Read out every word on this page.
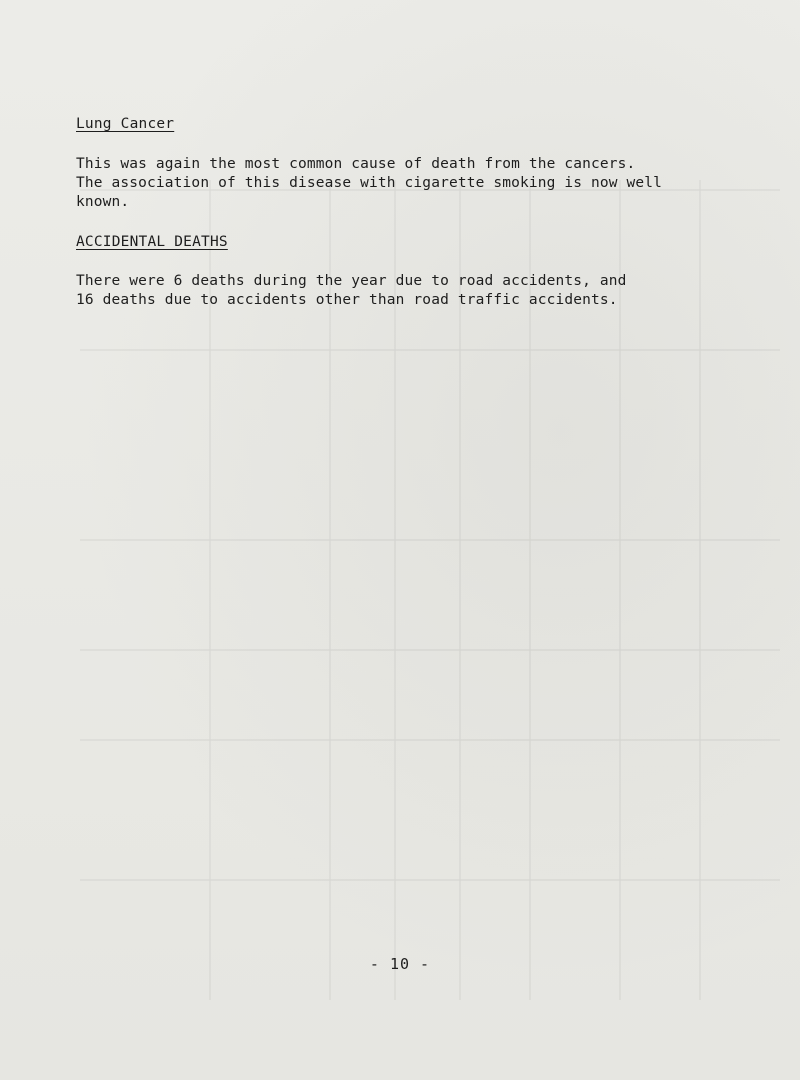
Lung Cancer
This was again the most common cause of death from the cancers.
The association of this disease with cigarette smoking is now well
known.
ACCIDENTAL DEATHS
There were 6 deaths during the year due to road accidents, and
16 deaths due to accidents other than road traffic accidents.
- 10 -
